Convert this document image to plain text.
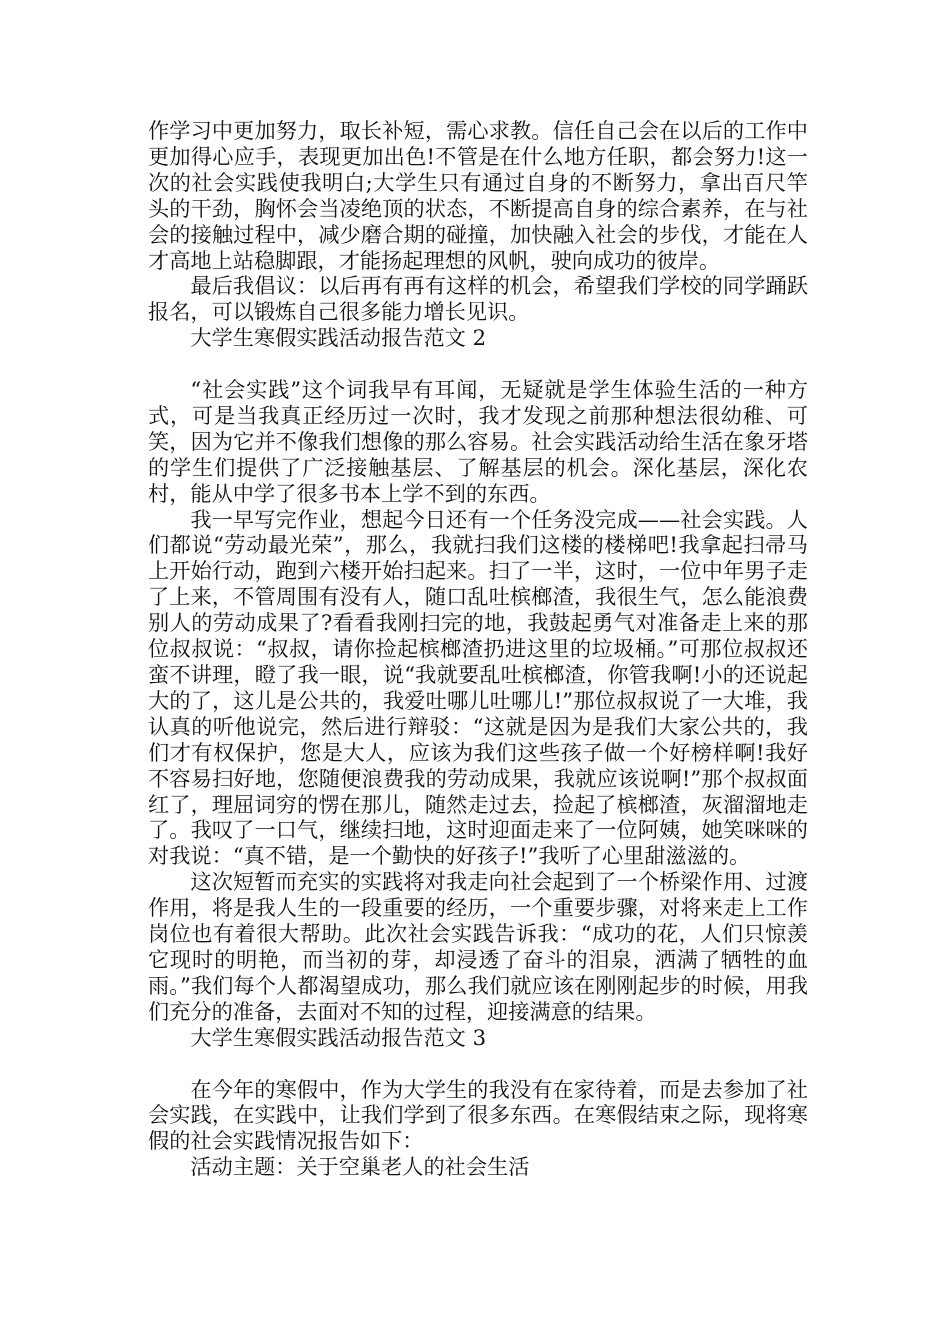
作学习中更加努力，取长补短，需心求教。信任自己会在以后的工作中更加得心应手，表现更加出色!不管是在什么地方任职，都会努力!这一次的社会实践使我明白;大学生只有通过自身的不断努力，拿出百尺竿头的干劲，胸怀会当凌绝顶的状态，不断提高自身的综合素养，在与社会的接触过程中，减少磨合期的碰撞，加快融入社会的步伐，才能在人才高地上站稳脚跟，才能扬起理想的风帆，驶向成功的彼岸。

最后我倡议：以后再有再有这样的机会，希望我们学校的同学踊跃报名，可以锻炼自己很多能力增长见识。

大学生寒假实践活动报告范文 2

“社会实践”这个词我早有耳闻，无疑就是学生体验生活的一种方式，可是当我真正经历过一次时，我才发现之前那种想法很幼稚、可笑，因为它并不像我们想像的那么容易。社会实践活动给生活在象牙塔的学生们提供了广泛接触基层、了解基层的机会。深化基层，深化农村，能从中学了很多书本上学不到的东西。

我一早写完作业，想起今日还有一个任务没完成——社会实践。人们都说“劳动最光荣”，那么，我就扫我们这楼的楼梯吧!我拿起扫帚马上开始行动，跑到六楼开始扫起来。扫了一半，这时，一位中年男子走了上来，不管周围有没有人，随口乱吐槟榔渣，我很生气，怎么能浪费别人的劳动成果了?看看我刚扫完的地，我鼓起勇气对准备走上来的那位叔叔说：“叔叔，请你捡起槟榔渣扔进这里的垃圾桶。”可那位叔叔还蛮不讲理，瞪了我一眼，说“我就要乱吐槟榔渣，你管我啊!小的还说起大的了，这儿是公共的，我爱吐哪儿吐哪儿!”那位叔叔说了一大堆，我认真的听他说完，然后进行辩驳：“这就是因为是我们大家公共的，我们才有权保护，您是大人，应该为我们这些孩子做一个好榜样啊!我好不容易扫好地，您随便浪费我的劳动成果，我就应该说啊!”那个叔叔面红了，理屈词穷的愣在那儿，随然走过去，捡起了槟榔渣，灰溜溜地走了。我叹了一口气，继续扫地，这时迎面走来了一位阿姨，她笑咪咪的对我说：“真不错，是一个勤快的好孩子!”我听了心里甜滋滋的。

这次短暂而充实的实践将对我走向社会起到了一个桥梁作用、过渡作用，将是我人生的一段重要的经历，一个重要步骤，对将来走上工作岗位也有着很大帮助。此次社会实践告诉我：“成功的花，人们只惊羡它现时的明艳，而当初的芽，却浸透了奋斗的泪泉，洒满了牺牲的血雨。”我们每个人都渴望成功，那么我们就应该在刚刚起步的时候，用我们充分的准备，去面对不知的过程，迎接满意的结果。

大学生寒假实践活动报告范文 3

在今年的寒假中，作为大学生的我没有在家待着，而是去参加了社会实践，在实践中，让我们学到了很多东西。在寒假结束之际，现将寒假的社会实践情况报告如下：

活动主题：关于空巢老人的社会生活
